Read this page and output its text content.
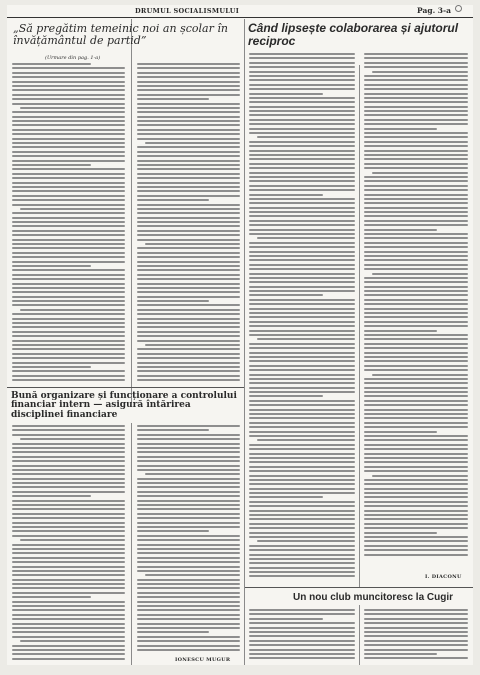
DRUMUL SOCIALISMULUI	Pag. 3-a
„Să pregătim temeinic noi an școlar în învățământul de partid”
(Urmare din pag. 1-a)
Bună organizare și funcționare a controlului financiar intern — asigură întărirea disciplinei financiare
IONESCU MUGUR
Când lipsește colaborarea și ajutorul reciproc
I. DIACONU
Un nou club muncitoresc la Cugir
